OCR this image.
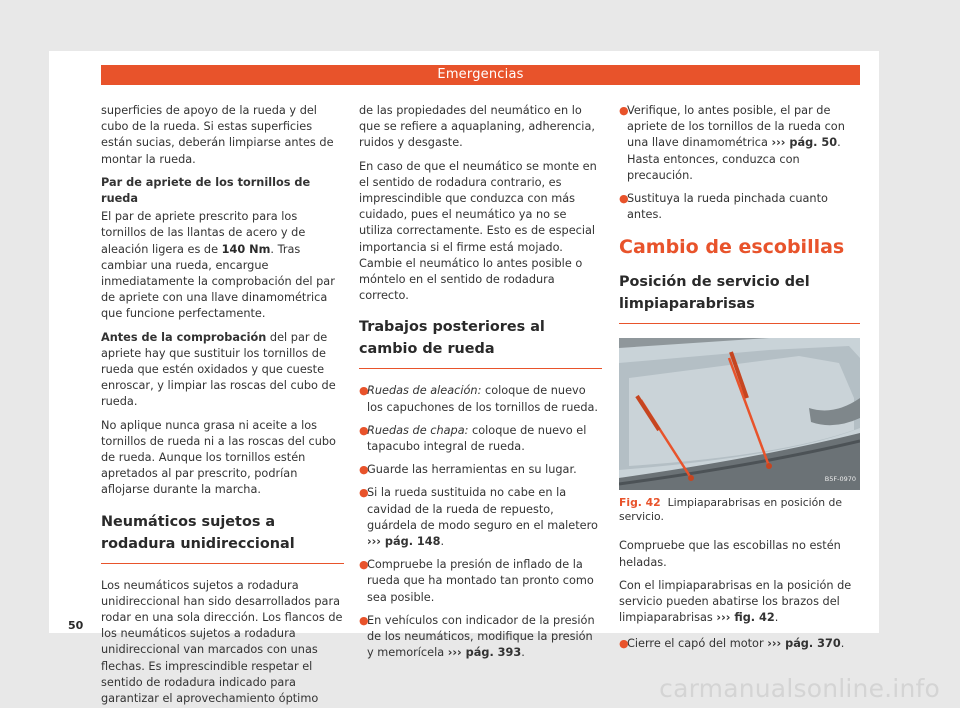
Emergencias

superficies de apoyo de la rueda y del cubo de la rueda. Si estas superficies están sucias, deberán limpiarse antes de montar la rueda.

Par de apriete de los tornillos de rueda

El par de apriete prescrito para los tornillos de las llantas de acero y de aleación ligera es de 140 Nm. Tras cambiar una rueda, encargue inmediatamente la comprobación del par de apriete con una llave dinamométrica que funcione perfectamente.

Antes de la comprobación del par de apriete hay que sustituir los tornillos de rueda que estén oxidados y que cueste enroscar, y limpiar las roscas del cubo de rueda.

No aplique nunca grasa ni aceite a los tornillos de rueda ni a las roscas del cubo de rueda. Aunque los tornillos estén apretados al par prescrito, podrían aflojarse durante la marcha.

Neumáticos sujetos a rodadura unidireccional

Los neumáticos sujetos a rodadura unidireccional han sido desarrollados para rodar en una sola dirección. Los flancos de los neumáticos sujetos a rodadura unidireccional van marcados con unas flechas. Es imprescindible respetar el sentido de rodadura indicado para garantizar el aprovechamiento óptimo

de las propiedades del neumático en lo que se refiere a aquaplaning, adherencia, ruidos y desgaste.

En caso de que el neumático se monte en el sentido de rodadura contrario, es imprescindible que conduzca con más cuidado, pues el neumático ya no se utiliza correctamente. Esto es de especial importancia si el firme está mojado. Cambie el neumático lo antes posible o móntelo en el sentido de rodadura correcto.

Trabajos posteriores al cambio de rueda
●
Ruedas de aleación: coloque de nuevo los capuchones de los tornillos de rueda.
●
Ruedas de chapa: coloque de nuevo el tapacubo integral de rueda.
●
Guarde las herramientas en su lugar.
●
Si la rueda sustituida no cabe en la cavidad de la rueda de repuesto, guárdela de modo seguro en el maletero ››› pág. 148.
●
Compruebe la presión de inflado de la rueda que ha montado tan pronto como sea posible.
●
En vehículos con indicador de la presión de los neumáticos, modifique la presión y memorícela ››› pág. 393.
●
Verifique, lo antes posible, el par de apriete de los tornillos de la rueda con una llave dinamométrica ››› pág. 50. Hasta entonces, conduzca con precaución.
●
Sustituya la rueda pinchada cuanto antes.
Cambio de escobillas
Posición de servicio del limpiaparabrisas
B5F-0970
Fig. 42 Limpiaparabrisas en posición de servicio.

Compruebe que las escobillas no estén heladas.

Con el limpiaparabrisas en la posición de servicio pueden abatirse los brazos del limpiaparabrisas ››› fig. 42.

●
Cierre el capó del motor ››› pág. 370.
50
carmanualsonline.info
